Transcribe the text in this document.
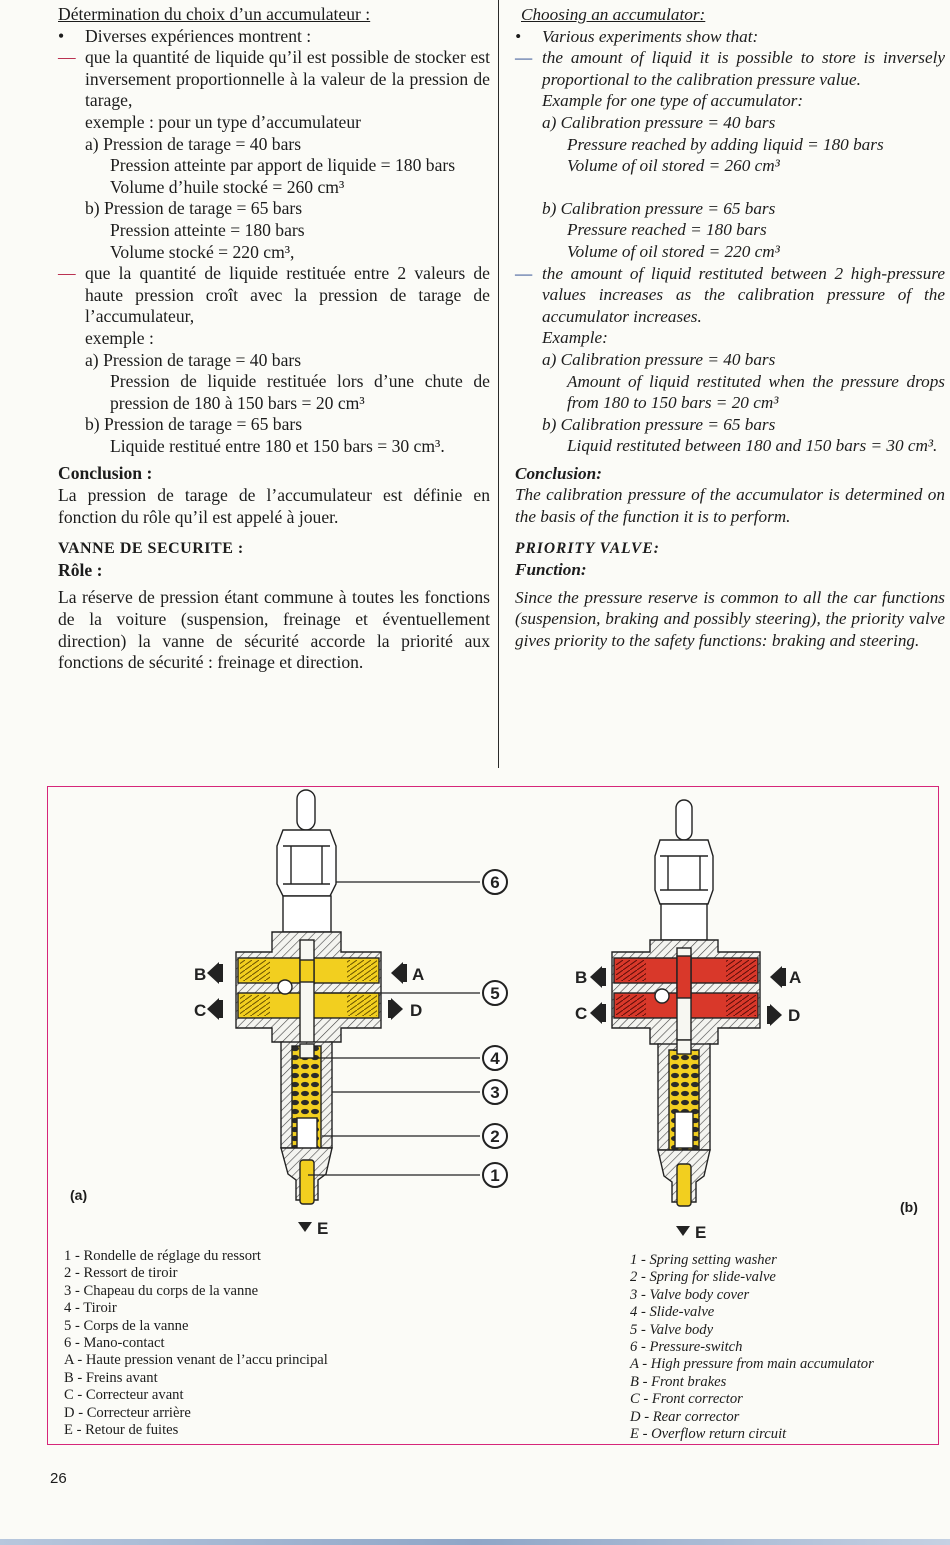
Détermination du choix d’un accumulateur :
• Diverses expériences montrent :
— que la quantité de liquide qu’il est possible de stocker est inversement proportionnelle à la valeur de la pression de tarage,
exemple : pour un type d’accumulateur
a) Pression de tarage = 40 bars
Pression atteinte par apport de liquide = 180 bars
Volume d’huile stocké = 260 cm³
b) Pression de tarage = 65 bars
Pression atteinte = 180 bars
Volume stocké = 220 cm³,
— que la quantité de liquide restituée entre 2 valeurs de haute pression croît avec la pression de tarage de l’accumulateur,
exemple :
a) Pression de tarage = 40 bars
Pression de liquide restituée lors d’une chute de pression de 180 à 150 bars = 20 cm³
b) Pression de tarage = 65 bars
Liquide restitué entre 180 et 150 bars = 30 cm³.
Conclusion :
La pression de tarage de l’accumulateur est définie en fonction du rôle qu’il est appelé à jouer.
VANNE DE SECURITE :
Rôle :
La réserve de pression étant commune à toutes les fonctions de la voiture (suspension, freinage et éventuellement direction) la vanne de sécurité accorde la priorité aux fonctions de sécurité : freinage et direction.
Choosing an accumulator:
• Various experiments show that:
— the amount of liquid it is possible to store is inversely proportional to the calibration pressure value.
Example for one type of accumulator:
a) Calibration pressure = 40 bars
Pressure reached by adding liquid = 180 bars
Volume of oil stored = 260 cm³
b) Calibration pressure = 65 bars
Pressure reached = 180 bars
Volume of oil stored = 220 cm³
— the amount of liquid restituted between 2 high-pressure values increases as the calibration pressure of the accumulator increases.
Example:
a) Calibration pressure = 40 bars
Amount of liquid restituted when the pressure drops from 180 to 150 bars = 20 cm³
b) Calibration pressure = 65 bars
Liquid restituted between 180 and 150 bars = 30 cm³.
Conclusion:
The calibration pressure of the accumulator is determined on the basis of the function it is to perform.
PRIORITY VALVE:
Function:
Since the pressure reserve is common to all the car functions (suspension, braking and possibly steering), the priority valve gives priority to the safety functions: braking and steering.
6
5
4
3
2
1
B
C
A
D
E
B
C
A
D
E
(a)
(b)
1 - Rondelle de réglage du ressort
2 - Ressort de tiroir
3 - Chapeau du corps de la vanne
4 - Tiroir
5 - Corps de la vanne
6 - Mano-contact
A - Haute pression venant de l’accu principal
B - Freins avant
C - Correcteur avant
D - Correcteur arrière
E - Retour de fuites
1 - Spring setting washer
2 - Spring for slide-valve
3 - Valve body cover
4 - Slide-valve
5 - Valve body
6 - Pressure-switch
A - High pressure from main accumulator
B - Front brakes
C - Front corrector
D - Rear corrector
E - Overflow return circuit
26
